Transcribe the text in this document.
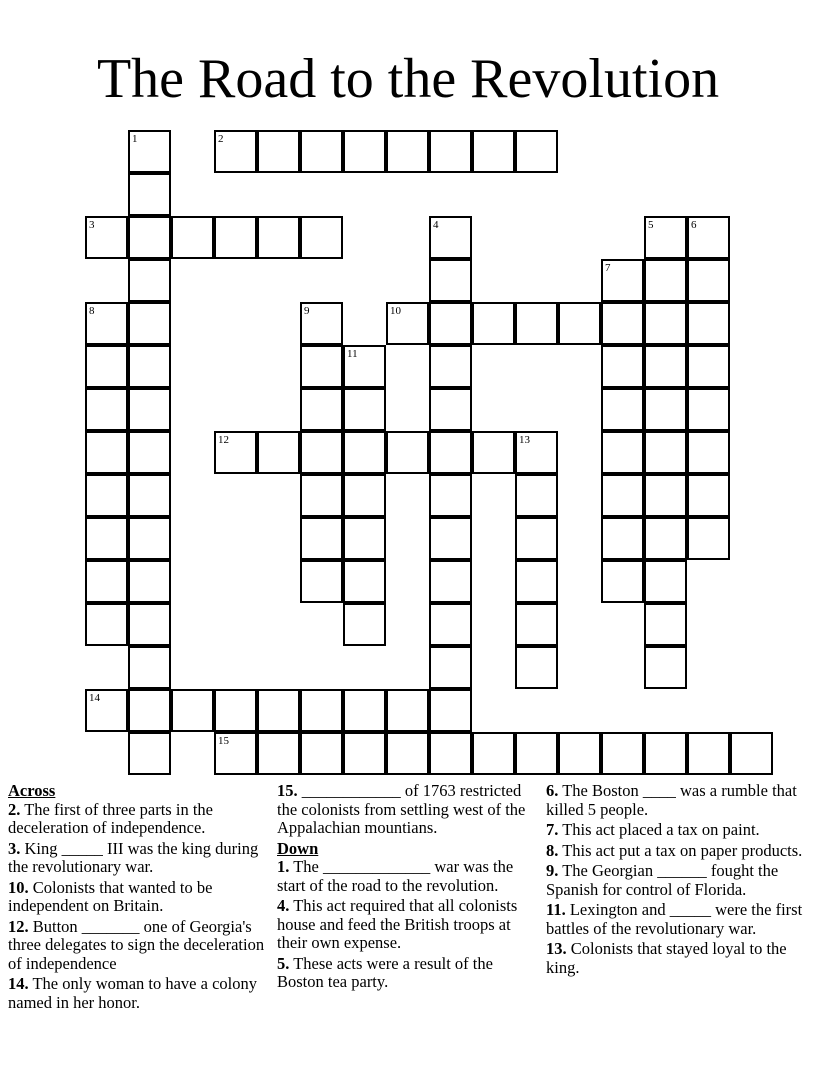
The Road to the Revolution
1	2
3	4	5	6
7
8	9	10
11
12	13
14
15
Across
2. The first of three parts in the deceleration of independence.
3. King _____ III was the king during the revolutionary war.
10. Colonists that wanted to be independent on Britain.
12. Button _______ one of Georgia's three delegates to sign the deceleration of independence
14. The only woman to have a colony named in her honor.
15. ____________ of 1763 restricted the colonists from settling west of the Appalachian mountians.
Down
1. The _____________ war was the start of the road to the revolution.
4. This act required that all colonists house and feed the British troops at their own expense.
5. These acts were a result of the Boston tea party.
6. The Boston ____ was a rumble that killed 5 people.
7. This act placed a tax on paint.
8. This act put a tax on paper products.
9. The Georgian ______ fought the Spanish for control of Florida.
11. Lexington and _____ were the first battles of the revolutionary war.
13. Colonists that stayed loyal to the king.
